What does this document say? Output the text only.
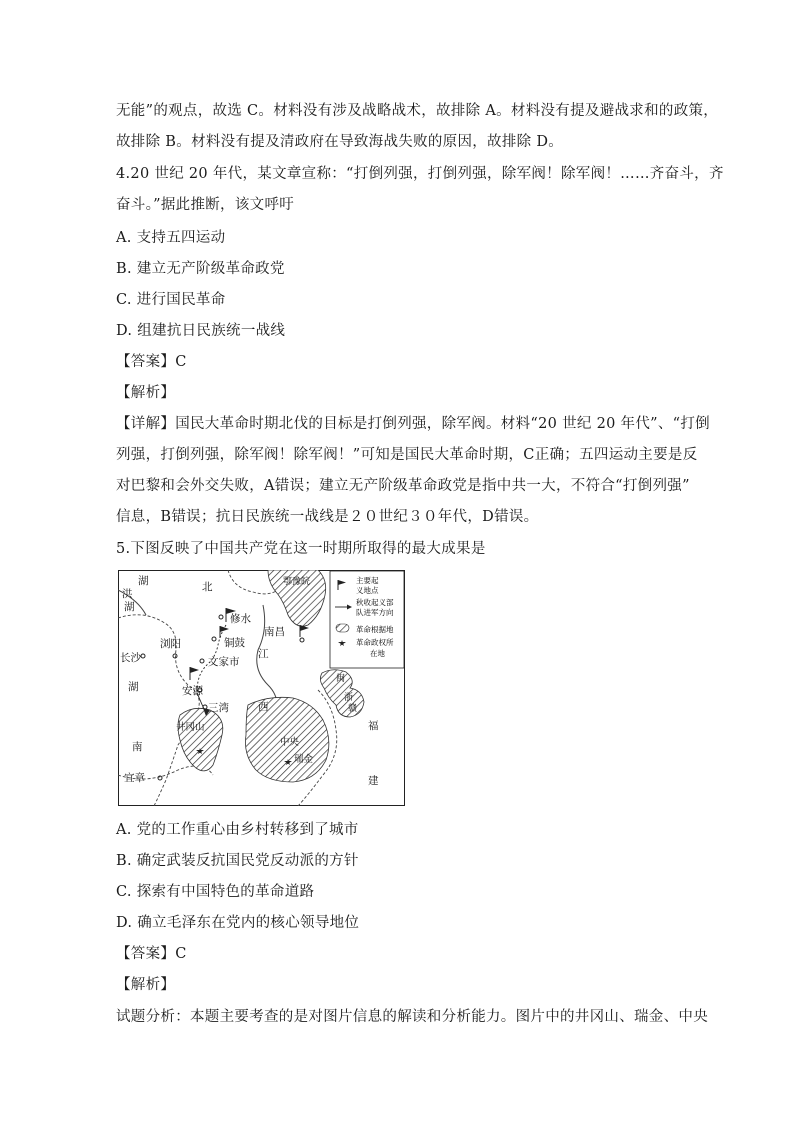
无能”的观点，故选 C。材料没有涉及战略战术，故排除 A。材料没有提及避战求和的政策，
故排除 B。材料没有提及清政府在导致海战失败的原因，故排除 D。
4.20 世纪 20 年代，某文章宣称：“打倒列强，打倒列强，除军阀！除军阀！……齐奋斗，齐
奋斗。”据此推断，该文呼吁
A. 支持五四运动
B. 建立无产阶级革命政党
C. 进行国民革命
D. 组建抗日民族统一战线
【答案】C
【解析】
【详解】国民大革命时期北伐的目标是打倒列强，除军阀。材料“20 世纪 20 年代”、“打倒
列强，打倒列强，除军阀！除军阀！”可知是国民大革命时期，C正确；五四运动主要是反
对巴黎和会外交失败，A错误；建立无产阶级革命政党是指中共一大，不符合“打倒列强”
信息，B错误；抗日民族统一战线是２０世纪３０年代，D错误。
5.下图反映了中国共产党在这一时期所取得的最大成果是
湖
洪
湖
北	鄂豫皖
修水
铜鼓
南昌
浏阳
长沙	文家市
江
安源
湖
三湾	西
闽
浙
赣
福
井冈山
中央
瑞金
南
宜章	建
主要起
义地点
秋收起义部
队进军方向
革命根据地
革命政权所
在地
A. 党的工作重心由乡村转移到了城市
B. 确定武装反抗国民党反动派的方针
C. 探索有中国特色的革命道路
D. 确立毛泽东在党内的核心领导地位
【答案】C
【解析】
试题分析：本题主要考查的是对图片信息的解读和分析能力。图片中的井冈山、瑞金、中央
